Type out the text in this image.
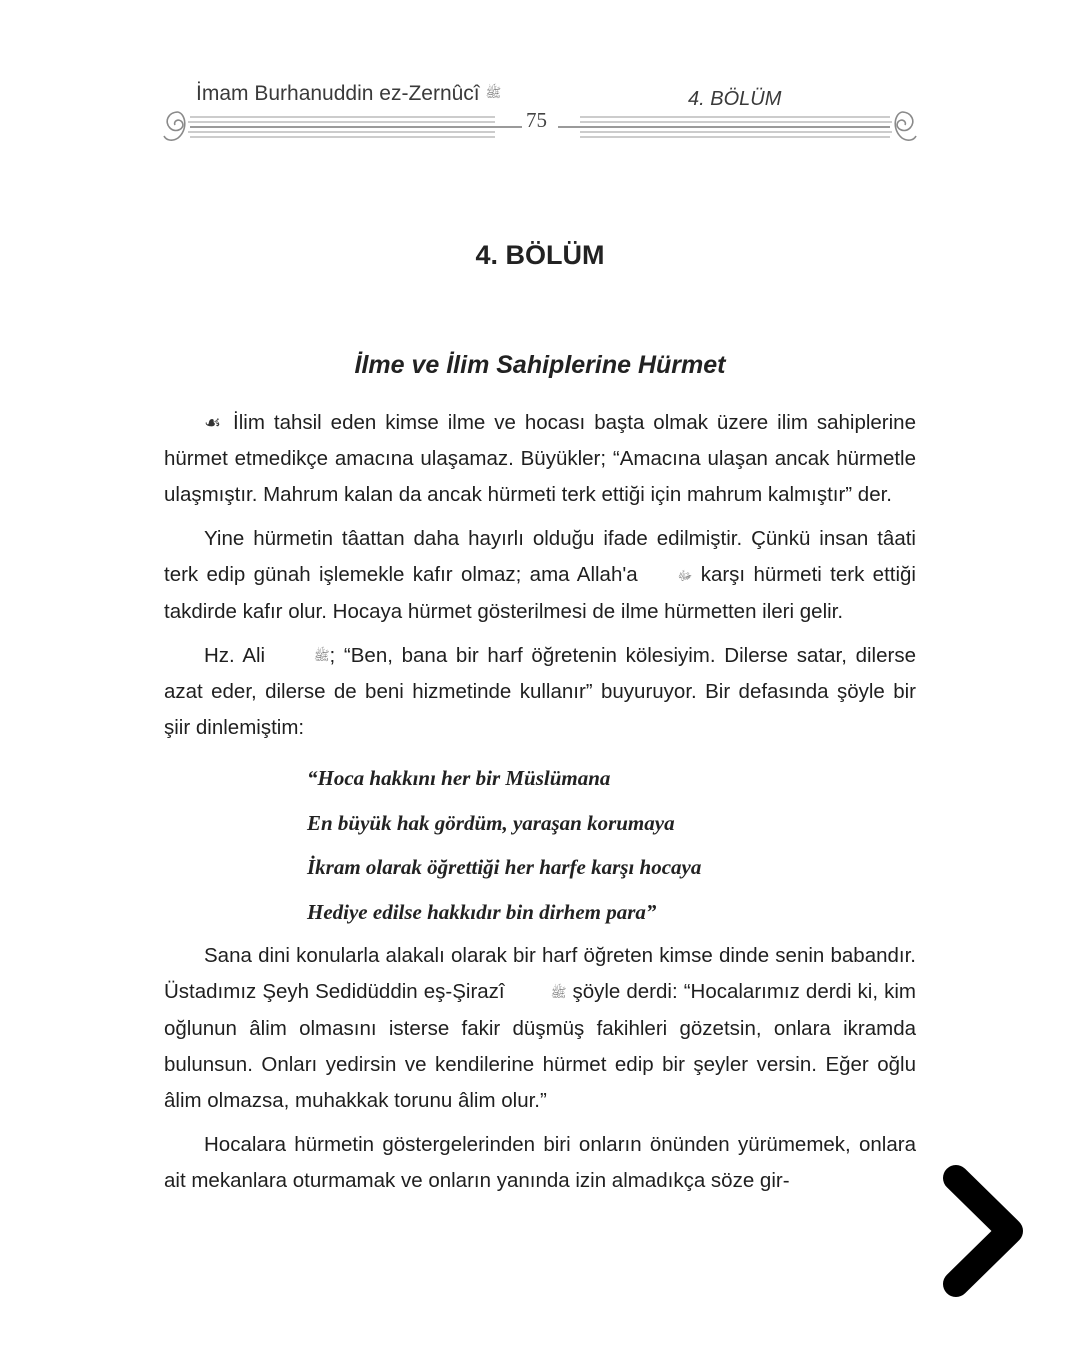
İmam Burhanuddin ez-Zernûcî ﷺ	4. BÖLÜM
75
4. BÖLÜM
İlme ve İlim Sahiplerine Hürmet

☙ İlim tahsil eden kimse ilme ve hocası başta olmak üzere ilim sahiplerine hürmet etmedikçe amacına ulaşamaz. Büyükler; “Amacına ulaşan ancak hürmetle ulaşmıştır. Mahrum kalan da ancak hürmeti terk ettiği için mahrum kalmıştır” der.

Yine hürmetin tâattan daha hayırlı olduğu ifade edilmiştir. Çünkü insan tâati terk edip günah işlemekle kafır olmaz; ama Allah'a	ﷻ karşı hürmeti terk ettiği takdirde kafır olur. Hocaya hürmet gösterilmesi de ilme hürmetten ileri gelir.

Hz. Ali	ﷺ; “Ben, bana bir harf öğretenin kölesiyim. Dilerse satar, dilerse azat eder, dilerse de beni hizmetinde kullanır” buyuruyor. Bir defasında şöyle bir şiir dinlemiştim:

“Hoca hakkını her bir Müslümana
En büyük hak gördüm, yaraşan korumaya
İkram olarak öğrettiği her harfe karşı hocaya
Hediye edilse hakkıdır bin dirhem para”

Sana dini konularla alakalı olarak bir harf öğreten kimse dinde senin babandır. Üstadımız Şeyh Sedidüddin eş-Şirazî	ﷺ şöyle derdi: “Hocalarımız derdi ki, kim oğlunun âlim olmasını isterse fakir düşmüş fakihleri gözetsin, onlara ikramda bulunsun. Onları yedirsin ve kendilerine hürmet edip bir şeyler versin. Eğer oğlu âlim olmazsa, muhakkak torunu âlim olur.”

Hocalara hürmetin göstergelerinden biri onların önünden yürümemek, onlara ait mekanlara oturmamak ve onların yanında izin almadıkça söze gir-
